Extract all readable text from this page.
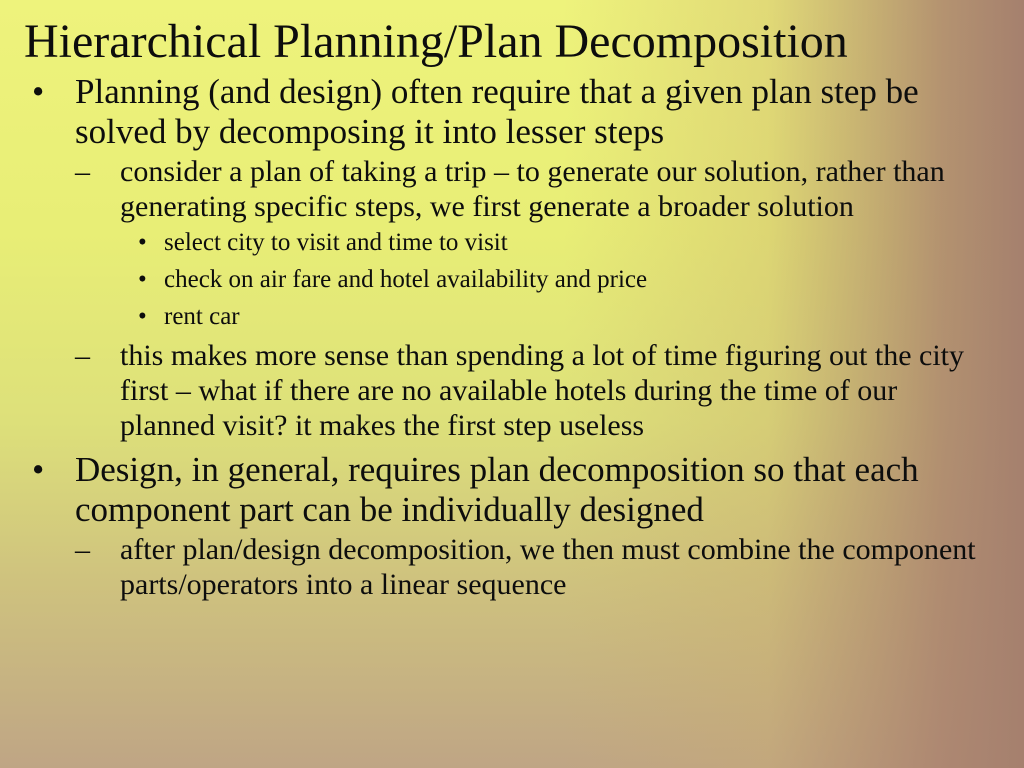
Hierarchical Planning/Plan Decomposition
• Planning (and design) often require that a given plan step be solved by decomposing it into lesser steps
– consider a plan of taking a trip – to generate our solution, rather than generating specific steps, we first generate a broader solution
• select city to visit and time to visit
• check on air fare and hotel availability and price
• rent car
– this makes more sense than spending a lot of time figuring out the city first – what if there are no available hotels during the time of our planned visit? it makes the first step useless
• Design, in general, requires plan decomposition so that each component part can be individually designed
– after plan/design decomposition, we then must combine the component parts/operators into a linear sequence
